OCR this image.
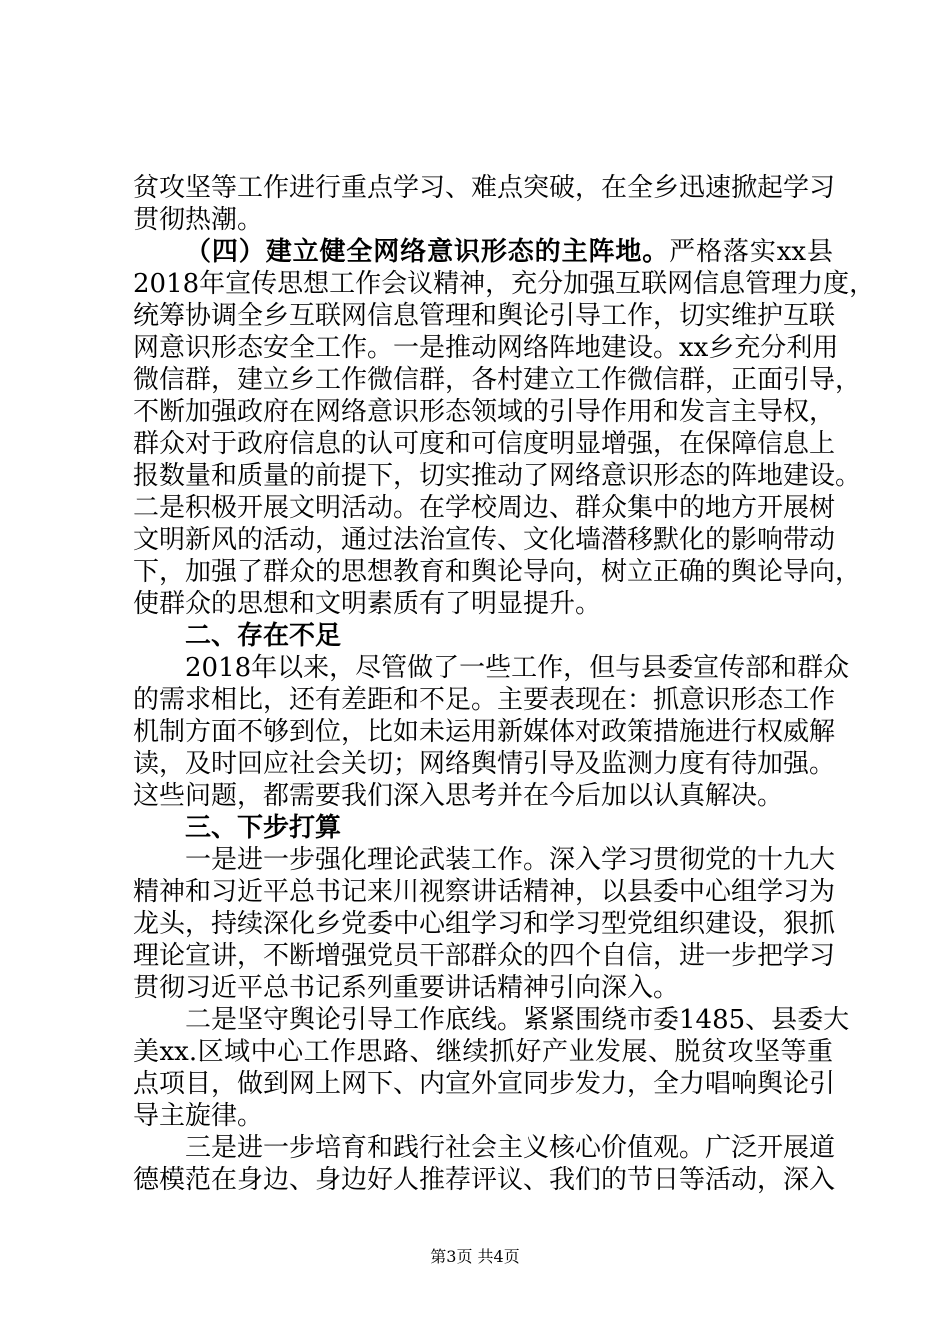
贫攻坚等工作进行重点学习、难点突破，在全乡迅速掀起学习
贯彻热潮。
（四）建立健全网络意识形态的主阵地。严格落实xx县
2018年宣传思想工作会议精神，充分加强互联网信息管理力度，
统筹协调全乡互联网信息管理和舆论引导工作，切实维护互联
网意识形态安全工作。一是推动网络阵地建设。xx乡充分利用
微信群，建立乡工作微信群，各村建立工作微信群，正面引导，
不断加强政府在网络意识形态领域的引导作用和发言主导权，
群众对于政府信息的认可度和可信度明显增强，在保障信息上
报数量和质量的前提下，切实推动了网络意识形态的阵地建设。
二是积极开展文明活动。在学校周边、群众集中的地方开展树
文明新风的活动，通过法治宣传、文化墙潜移默化的影响带动
下，加强了群众的思想教育和舆论导向，树立正确的舆论导向，
使群众的思想和文明素质有了明显提升。
二、存在不足
2018年以来，尽管做了一些工作，但与县委宣传部和群众
的需求相比，还有差距和不足。主要表现在：抓意识形态工作
机制方面不够到位，比如未运用新媒体对政策措施进行权威解
读，及时回应社会关切；网络舆情引导及监测力度有待加强。
这些问题，都需要我们深入思考并在今后加以认真解决。
三、下步打算
一是进一步强化理论武装工作。深入学习贯彻党的十九大
精神和习近平总书记来川视察讲话精神，以县委中心组学习为
龙头，持续深化乡党委中心组学习和学习型党组织建设，狠抓
理论宣讲，不断增强党员干部群众的四个自信，进一步把学习
贯彻习近平总书记系列重要讲话精神引向深入。
二是坚守舆论引导工作底线。紧紧围绕市委1485、县委大
美xx.区域中心工作思路、继续抓好产业发展、脱贫攻坚等重
点项目，做到网上网下、内宣外宣同步发力，全力唱响舆论引
导主旋律。
三是进一步培育和践行社会主义核心价值观。广泛开展道
德模范在身边、身边好人推荐评议、我们的节日等活动，深入
第3页 共4页
